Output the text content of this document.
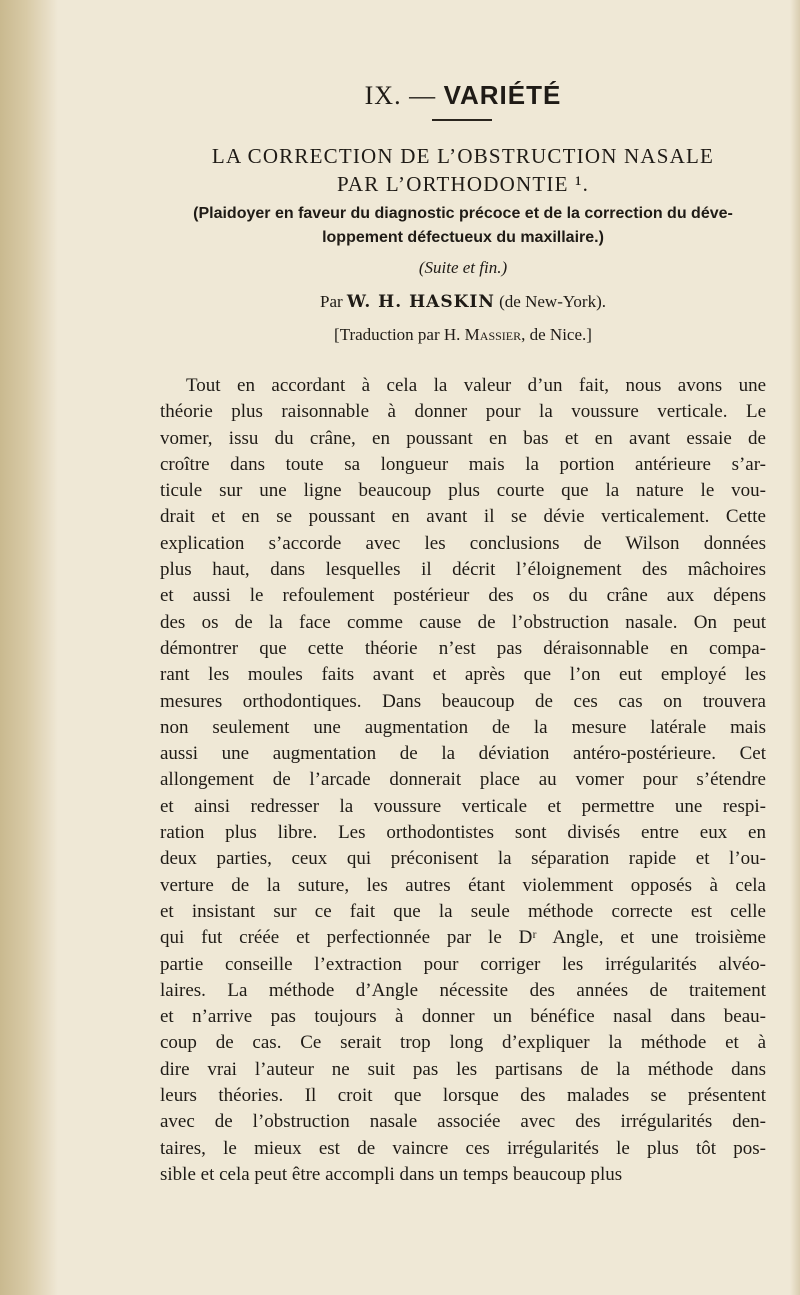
IX. — VARIÉTÉ
LA CORRECTION DE L’OBSTRUCTION NASALE
PAR L’ORTHODONTIE ¹.
(Plaidoyer en faveur du diagnostic précoce et de la correction du déve-
loppement défectueux du maxillaire.)
(Suite et fin.)
Par W. H. HASKIN (de New-York).
[Traduction par H. Massier, de Nice.]
Tout en accordant à cela la valeur d’un fait, nous avons une
théorie plus raisonnable à donner pour la voussure verticale. Le
vomer, issu du crâne, en poussant en bas et en avant essaie de
croître dans toute sa longueur mais la portion antérieure s’ar-
ticule sur une ligne beaucoup plus courte que la nature le vou-
drait et en se poussant en avant il se dévie verticalement. Cette
explication s’accorde avec les conclusions de Wilson données
plus haut, dans lesquelles il décrit l’éloignement des mâchoires
et aussi le refoulement postérieur des os du crâne aux dépens
des os de la face comme cause de l’obstruction nasale. On peut
démontrer que cette théorie n’est pas déraisonnable en compa-
rant les moules faits avant et après que l’on eut employé les
mesures orthodontiques. Dans beaucoup de ces cas on trouvera
non seulement une augmentation de la mesure latérale mais
aussi une augmentation de la déviation antéro-postérieure. Cet
allongement de l’arcade donnerait place au vomer pour s’étendre
et ainsi redresser la voussure verticale et permettre une respi-
ration plus libre. Les orthodontistes sont divisés entre eux en
deux parties, ceux qui préconisent la séparation rapide et l’ou-
verture de la suture, les autres étant violemment opposés à cela
et insistant sur ce fait que la seule méthode correcte est celle
qui fut créée et perfectionnée par le Dʳ Angle, et une troisième
partie conseille l’extraction pour corriger les irrégularités alvéo-
laires. La méthode d’Angle nécessite des années de traitement
et n’arrive pas toujours à donner un bénéfice nasal dans beau-
coup de cas. Ce serait trop long d’expliquer la méthode et à
dire vrai l’auteur ne suit pas les partisans de la méthode dans
leurs théories. Il croit que lorsque des malades se présentent
avec de l’obstruction nasale associée avec des irrégularités den-
taires, le mieux est de vaincre ces irrégularités le plus tôt pos-
sible et cela peut être accompli dans un temps beaucoup plus
